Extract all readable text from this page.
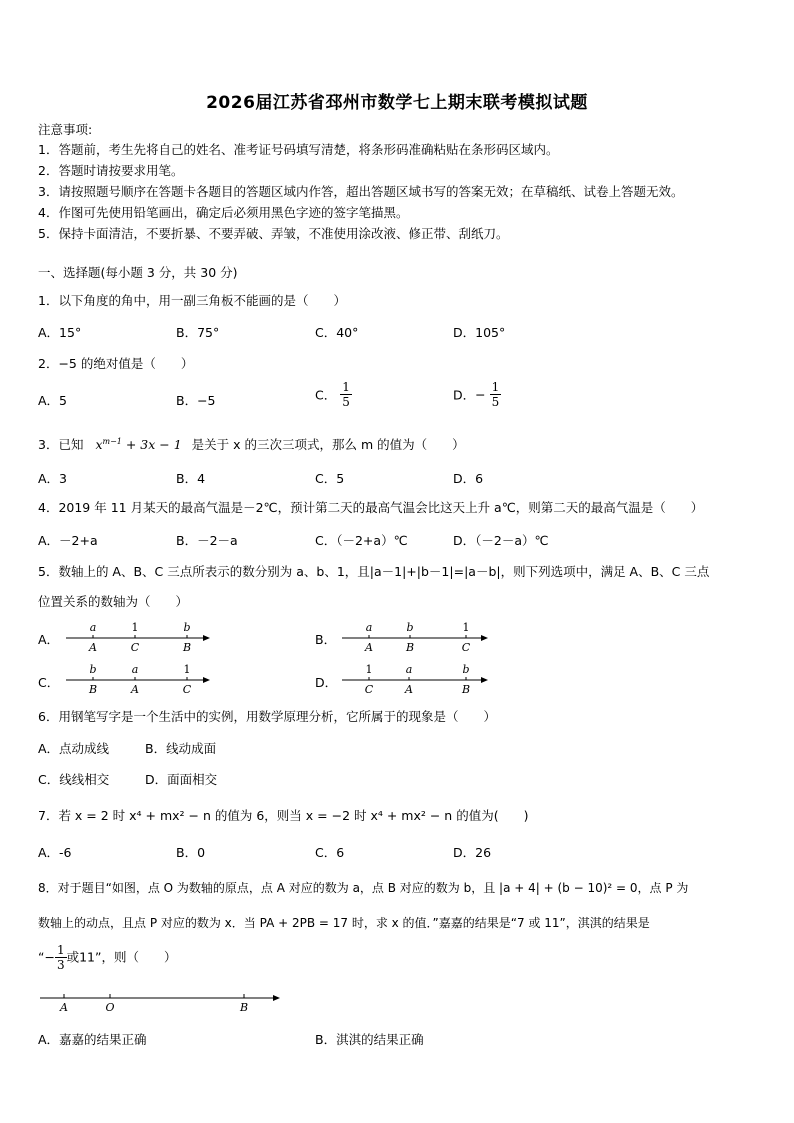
2026届江苏省邳州市数学七上期末联考模拟试题
注意事项:
1．答题前，考生先将自己的姓名、准考证号码填写清楚，将条形码准确粘贴在条形码区域内。
2．答题时请按要求用笔。
3．请按照题号顺序在答题卡各题目的答题区域内作答，超出答题区域书写的答案无效；在草稿纸、试卷上答题无效。
4．作图可先使用铅笔画出，确定后必须用黑色字迹的签字笔描黑。
5．保持卡面清洁，不要折暴、不要弄破、弄皱，不准使用涂改液、修正带、刮纸刀。
一、选择题(每小题 3 分，共 30 分)
1．以下角度的角中，用一副三角板不能画的是（　　）
A．15°	B．75°	C．40°	D．105°
2．−5 的绝对值是（　　）
A．5	B．−5	C． $\frac{1}{5}$	D．− $\frac{1}{5}$
3．已知 $x^{m-1} + 3x - 1$ 是关于 x 的三次三项式，那么 m 的值为（　　）
A．3	B．4	C．5	D．6
4．2019 年 11 月某天的最高气温是－2℃，预计第二天的最高气温会比这天上升 a℃，则第二天的最高气温是（　　）
A．－2+a	B．－2－a	C．（－2+a）℃	D．（－2－a）℃
5．数轴上的 A、B、C 三点所表示的数分别为 a、b、1，且|a－1|+|b－1|=|a－b|，则下列选项中，满足 A、B、C 三点
位置关系的数轴为（　　）
A．
a	1	b
A	C	B
B．
a	b	1
A	B	C
C．
b	a	1
B	A	C	D．
1	a	b
C	A	B
6．用钢笔写字是一个生活中的实例，用数学原理分析，它所属于的现象是（　　）
A．点动成线	B．线动成面
C．线线相交	D．面面相交
7．若 x = 2 时 x⁴ + mx² − n 的值为 6，则当 x = −2 时 x⁴ + mx² − n 的值为(　　)
A．-6	B．0	C．6	D．26
8．对于题目“如图，点 O 为数轴的原点，点 A 对应的数为 a，点 B 对应的数为 b，且 |a + 4| + (b − 10)² = 0，点 P 为
数轴上的动点，且点 P 对应的数为 x．当 PA + 2PB = 17 时，求 x 的值．”嘉嘉的结果是“7 或 11”，淇淇的结果是
“− $\frac{1}{3}$ 或11”，则（　　）
A	O	B
A．嘉嘉的结果正确	B．淇淇的结果正确
